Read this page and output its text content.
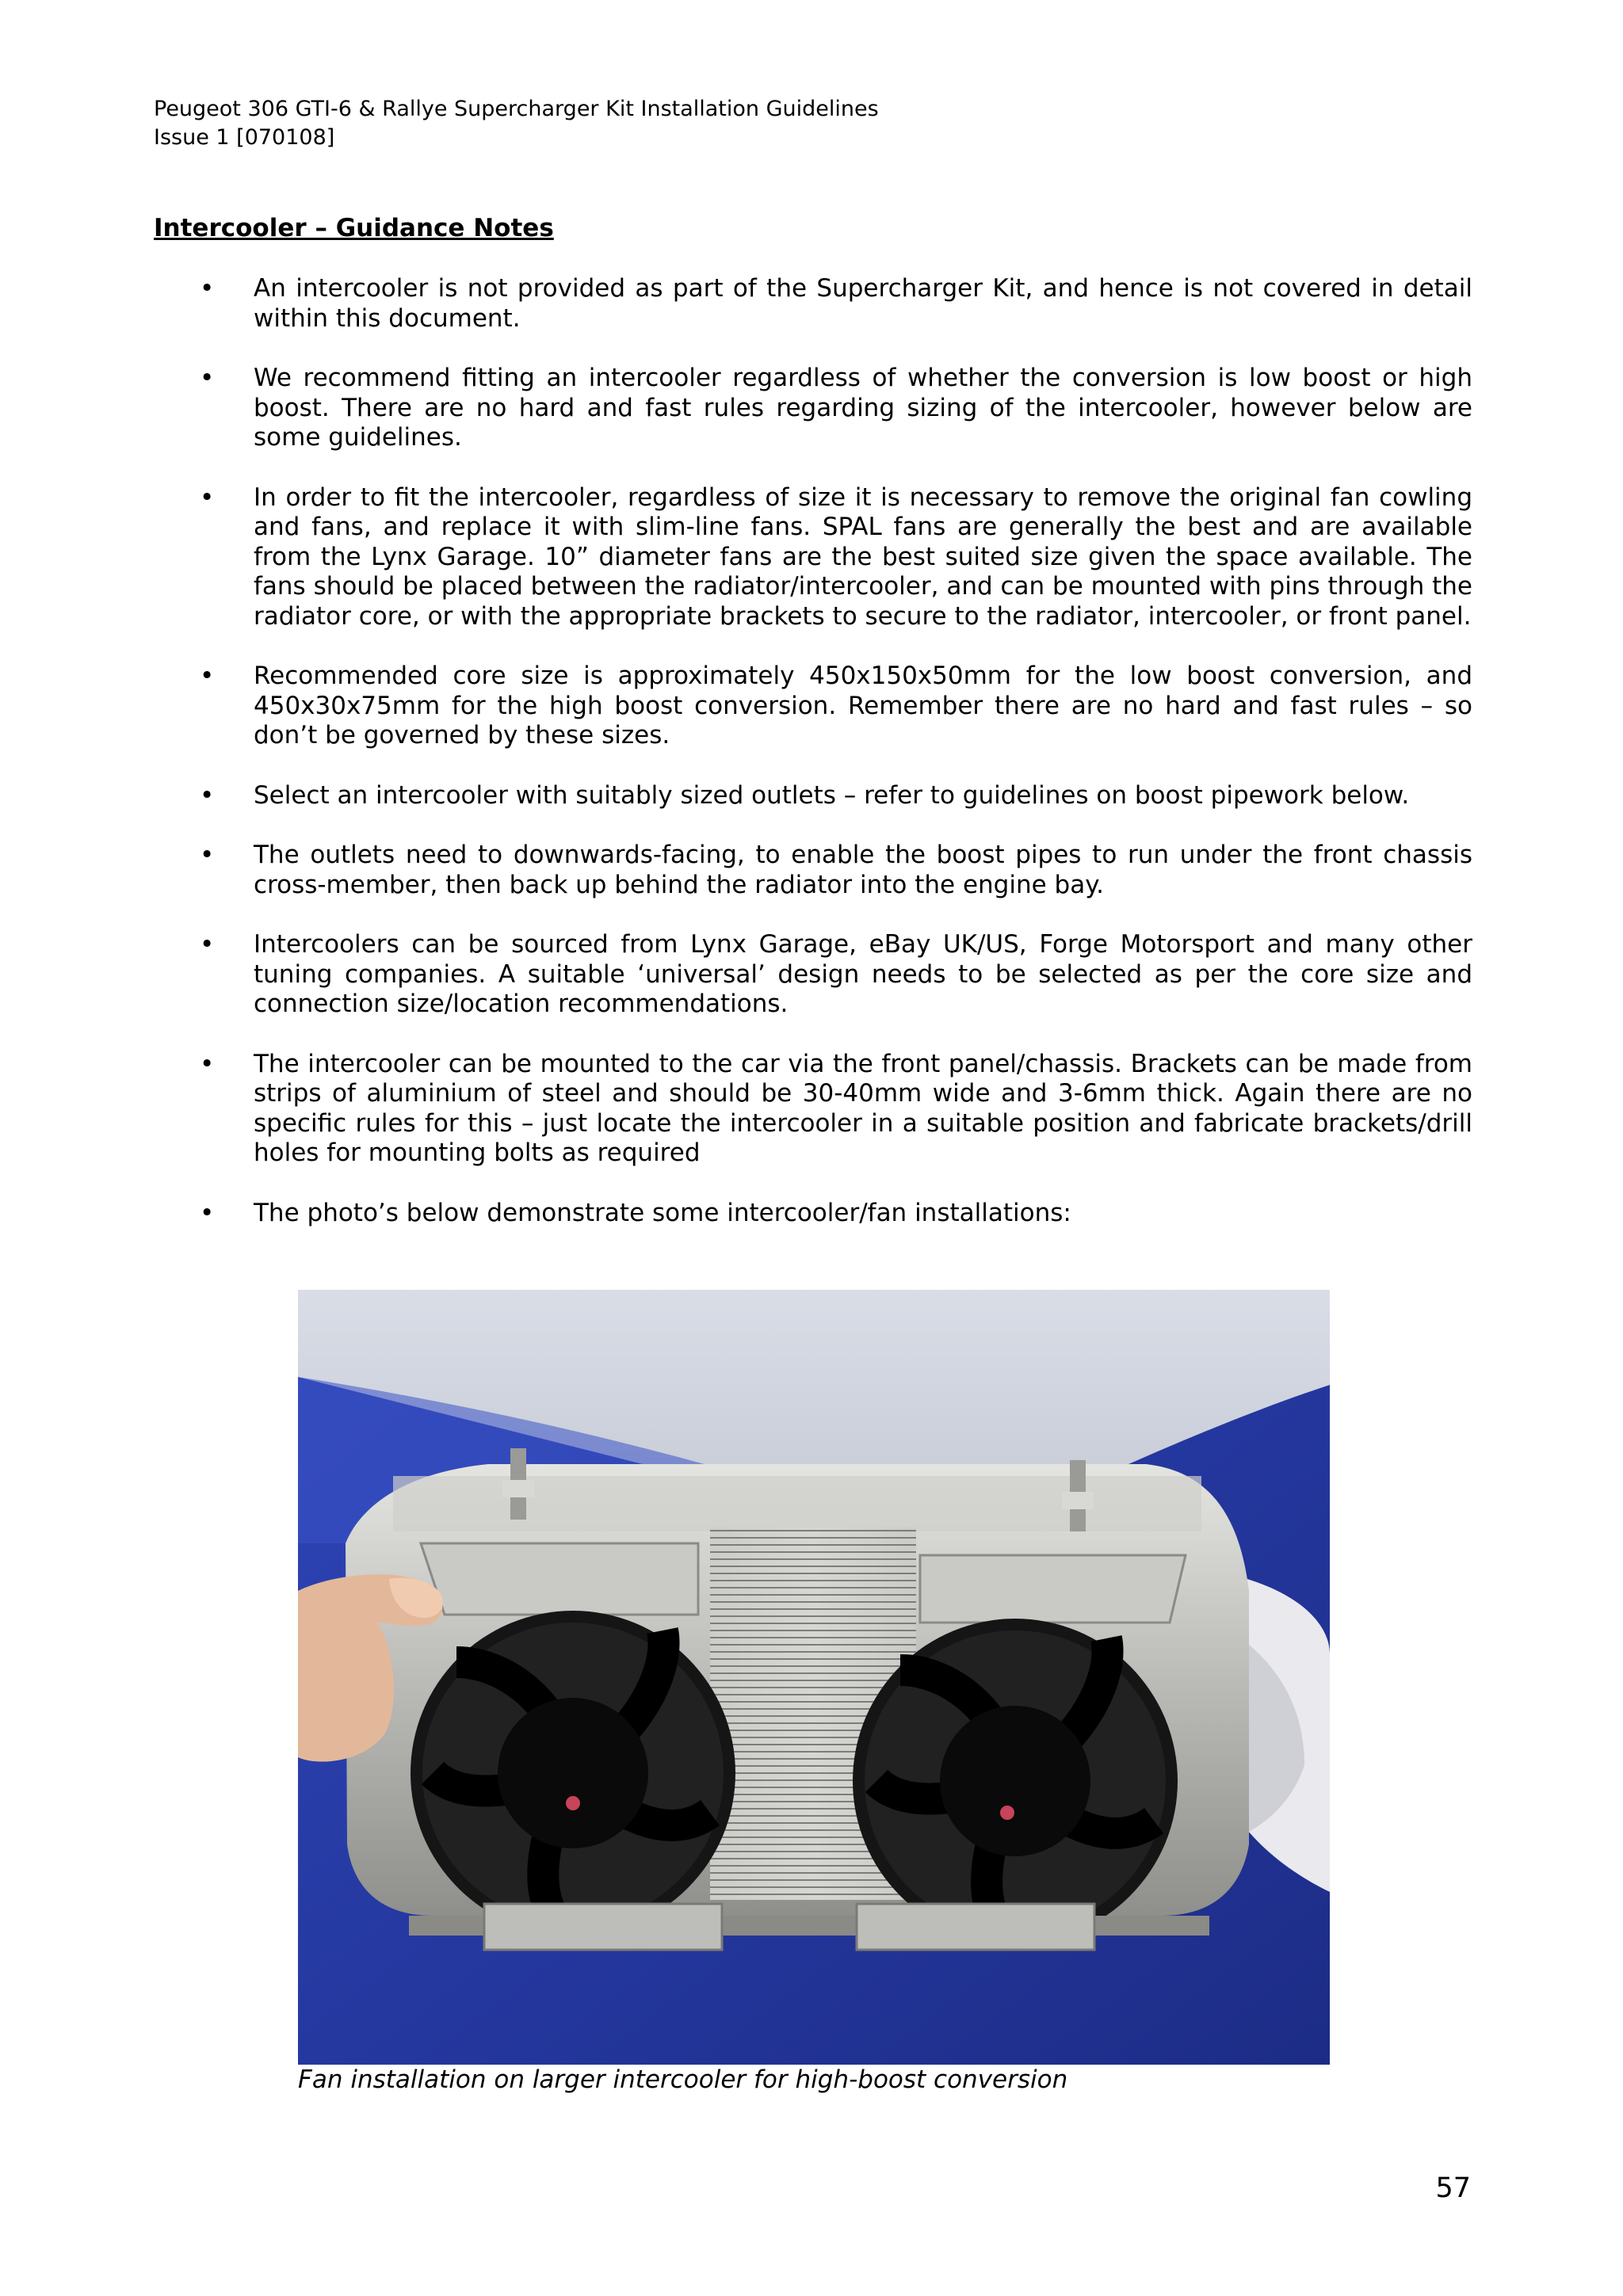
Peugeot 306 GTI-6 & Rallye Supercharger Kit Installation Guidelines
Issue 1 [070108]
Intercooler – Guidance Notes
• An intercooler is not provided as part of the Supercharger Kit, and hence is not covered in detail within this document.
• We recommend fitting an intercooler regardless of whether the conversion is low boost or high boost. There are no hard and fast rules regarding sizing of the intercooler, however below are some guidelines.
• In order to fit the intercooler, regardless of size it is necessary to remove the original fan cowling and fans, and replace it with slim-line fans. SPAL fans are generally the best and are available from the Lynx Garage. 10” diameter fans are the best suited size given the space available. The fans should be placed between the radiator/intercooler, and can be mounted with pins through the radiator core, or with the appropriate brackets to secure to the radiator, intercooler, or front panel.
• Recommended core size is approximately 450x150x50mm for the low boost conversion, and 450x30x75mm for the high boost conversion. Remember there are no hard and fast rules – so don’t be governed by these sizes.
• Select an intercooler with suitably sized outlets – refer to guidelines on boost pipework below.
• The outlets need to downwards-facing, to enable the boost pipes to run under the front chassis cross-member, then back up behind the radiator into the engine bay.
• Intercoolers can be sourced from Lynx Garage, eBay UK/US, Forge Motorsport and many other tuning companies. A suitable ‘universal’ design needs to be selected as per the core size and connection size/location recommendations.
• The intercooler can be mounted to the car via the front panel/chassis. Brackets can be made from strips of aluminium of steel and should be 30-40mm wide and 3-6mm thick. Again there are no specific rules for this – just locate the intercooler in a suitable position and fabricate brackets/drill holes for mounting bolts as required
• The photo’s below demonstrate some intercooler/fan installations:
Fan installation on larger intercooler for high-boost conversion
57
